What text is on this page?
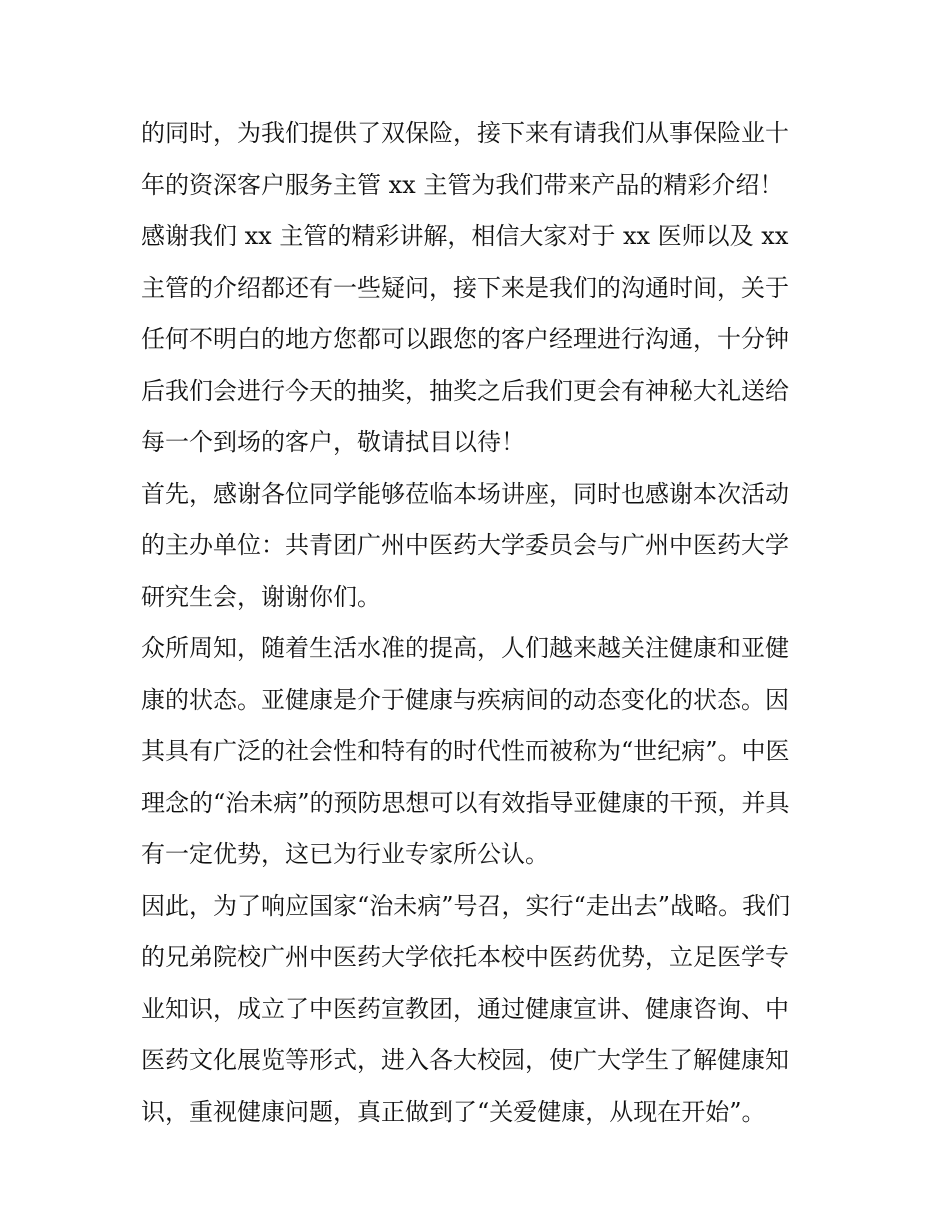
的同时，为我们提供了双保险，接下来有请我们从事保险业十
年的资深客户服务主管 xx 主管为我们带来产品的精彩介绍！
感谢我们 xx 主管的精彩讲解，相信大家对于 xx 医师以及 xx
主管的介绍都还有一些疑问，接下来是我们的沟通时间，关于
任何不明白的地方您都可以跟您的客户经理进行沟通，十分钟
后我们会进行今天的抽奖，抽奖之后我们更会有神秘大礼送给
每一个到场的客户，敬请拭目以待！
首先，感谢各位同学能够莅临本场讲座，同时也感谢本次活动
的主办单位：共青团广州中医药大学委员会与广州中医药大学
研究生会，谢谢你们。
众所周知，随着生活水准的提高，人们越来越关注健康和亚健
康的状态。亚健康是介于健康与疾病间的动态变化的状态。因
其具有广泛的社会性和特有的时代性而被称为“世纪病”。中医
理念的“治未病”的预防思想可以有效指导亚健康的干预，并具
有一定优势，这已为行业专家所公认。
因此，为了响应国家“治未病”号召，实行“走出去”战略。我们
的兄弟院校广州中医药大学依托本校中医药优势，立足医学专
业知识，成立了中医药宣教团，通过健康宣讲、健康咨询、中
医药文化展览等形式，进入各大校园，使广大学生了解健康知
识，重视健康问题，真正做到了“关爱健康，从现在开始”。
